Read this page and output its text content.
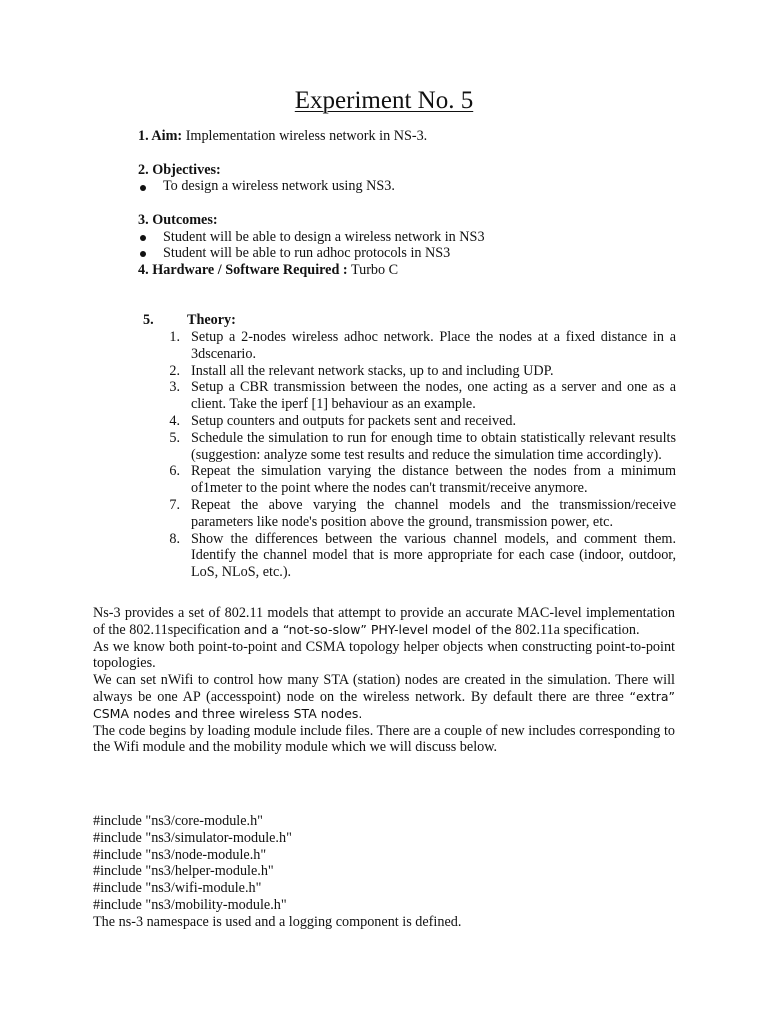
Experiment No. 5
1. Aim: Implementation wireless network in NS-3.
2. Objectives:
To design a wireless network using NS3.
3. Outcomes:
Student will be able to design a wireless network in NS3
Student will be able to run adhoc protocols in NS3
4. Hardware / Software Required : Turbo C
5. Theory:
1. Setup a 2-nodes wireless adhoc network. Place the nodes at a fixed distance in a 3dscenario.
2. Install all the relevant network stacks, up to and including UDP.
3. Setup a CBR transmission between the nodes, one acting as a server and one as a client. Take the iperf [1] behaviour as an example.
4. Setup counters and outputs for packets sent and received.
5. Schedule the simulation to run for enough time to obtain statistically relevant results (suggestion: analyze some test results and reduce the simulation time accordingly).
6. Repeat the simulation varying the distance between the nodes from a minimum of1meter to the point where the nodes can't transmit/receive anymore.
7. Repeat the above varying the channel models and the transmission/receive parameters like node's position above the ground, transmission power, etc.
8. Show the differences between the various channel models, and comment them. Identify the channel model that is more appropriate for each case (indoor, outdoor, LoS, NLoS, etc.).

Ns-3 provides a set of 802.11 models that attempt to provide an accurate MAC-level implementation of the 802.11specification and a “not-so-slow” PHY-level model of the 802.11a specification.

As we know both point-to-point and CSMA topology helper objects when constructing point-to-point topologies.

We can set nWifi to control how many STA (station) nodes are created in the simulation. There will always be one AP (accesspoint) node on the wireless network. By default there are three “extra” CSMA nodes and three wireless STA nodes.

The code begins by loading module include files. There are a couple of new includes corresponding to the Wifi module and the mobility module which we will discuss below.

#include "ns3/core-module.h"
#include "ns3/simulator-module.h"
#include "ns3/node-module.h"
#include "ns3/helper-module.h"
#include "ns3/wifi-module.h"
#include "ns3/mobility-module.h"
The ns-3 namespace is used and a logging component is defined.
